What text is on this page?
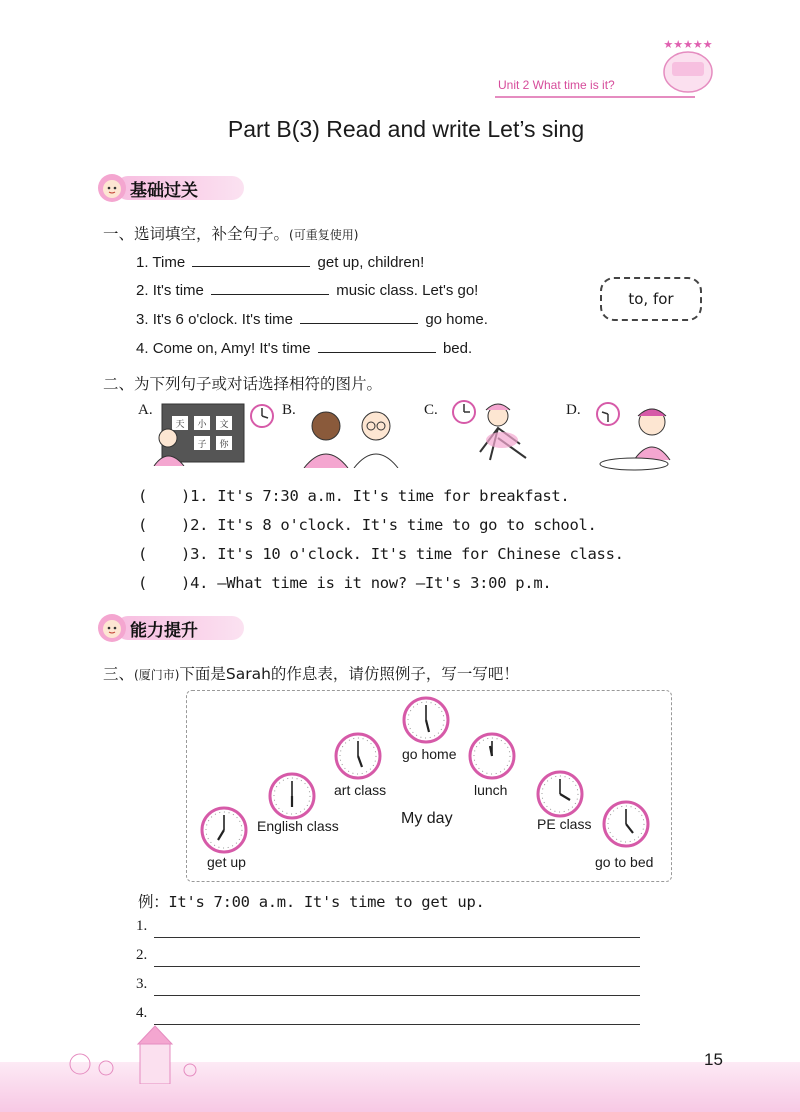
★★★★★
Unit 2 What time is it?
Part B(3) Read and write Let’s sing
基础过关
一、选词填空，补全句子。(可重复使用)
1. Time	get up, children!
2. It's time	music class. Let's go!
3. It's 6 o'clock. It's time	go home.
4. Come on, Amy! It's time	bed.
to, for
二、为下列句子或对话选择相符的图片。
A.
天 小 文
子 你
B.	C.	D.
( )1. It's 7:30 a.m. It's time for breakfast.
( )2. It's 8 o'clock. It's time to go to school.
( )3. It's 10 o'clock. It's time for Chinese class.
( )4. —What time is it now? —It's 3:00 p.m.
能力提升
三、(厦门市)下面是Sarah的作息表，请仿照例子，写一写吧！
get up
English class
art class
go home
lunch
PE class
go to bed
My day
例：It's 7:00 a.m. It's time to get up.
1.
2.
3.
4.
15
